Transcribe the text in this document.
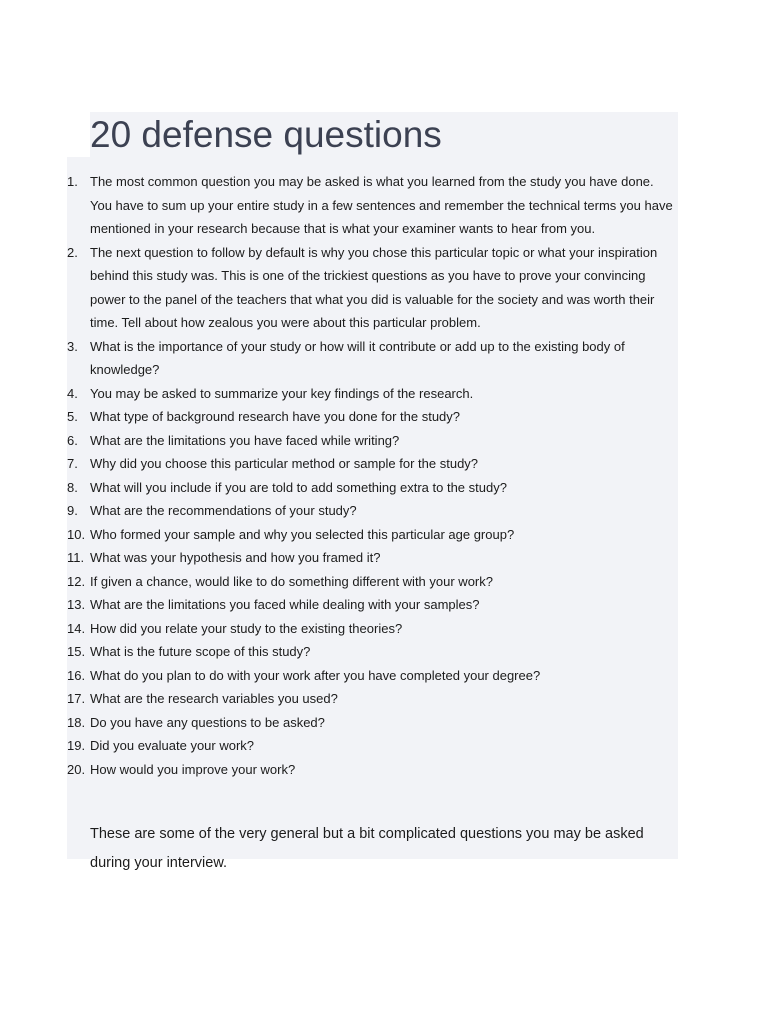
20 defense questions
1. The most common question you may be asked is what you learned from the study you have done. You have to sum up your entire study in a few sentences and remember the technical terms you have mentioned in your research because that is what your examiner wants to hear from you.
2. The next question to follow by default is why you chose this particular topic or what your inspiration behind this study was. This is one of the trickiest questions as you have to prove your convincing power to the panel of the teachers that what you did is valuable for the society and was worth their time. Tell about how zealous you were about this particular problem.
3. What is the importance of your study or how will it contribute or add up to the existing body of knowledge?
4. You may be asked to summarize your key findings of the research.
5. What type of background research have you done for the study?
6. What are the limitations you have faced while writing?
7. Why did you choose this particular method or sample for the study?
8. What will you include if you are told to add something extra to the study?
9. What are the recommendations of your study?
10. Who formed your sample and why you selected this particular age group?
11. What was your hypothesis and how you framed it?
12. If given a chance, would like to do something different with your work?
13. What are the limitations you faced while dealing with your samples?
14. How did you relate your study to the existing theories?
15. What is the future scope of this study?
16. What do you plan to do with your work after you have completed your degree?
17. What are the research variables you used?
18. Do you have any questions to be asked?
19. Did you evaluate your work?
20. How would you improve your work?

These are some of the very general but a bit complicated questions you may be asked during your interview.
